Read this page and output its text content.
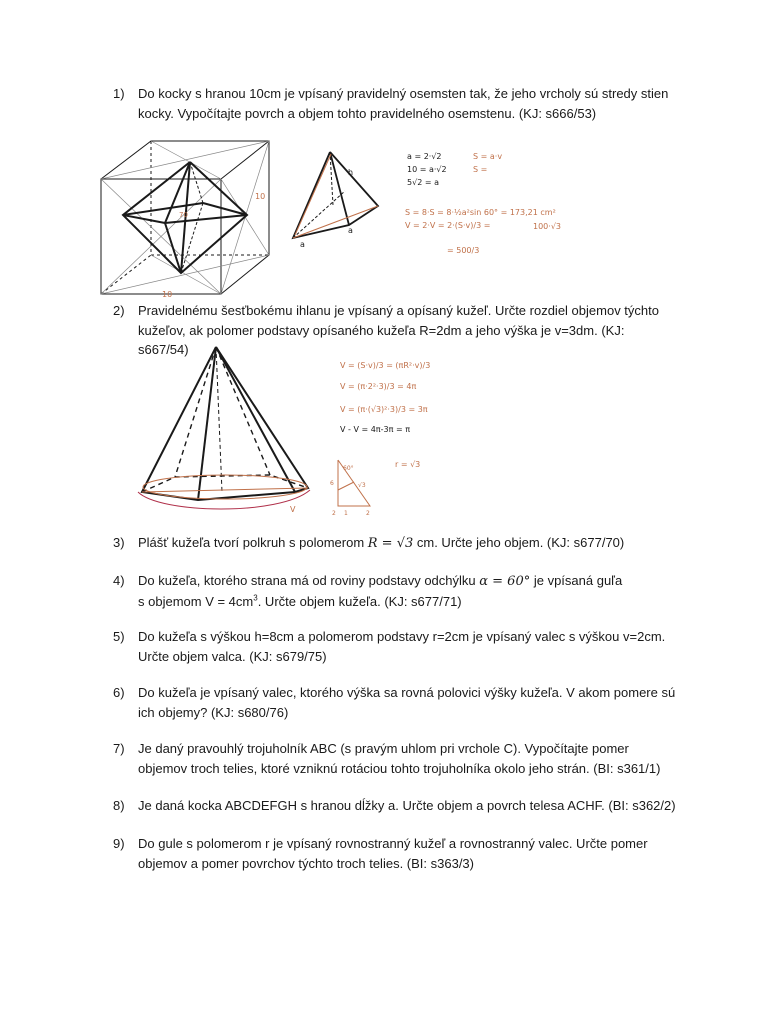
1)	Do kocky s hranou 10cm je vpísaný pravidelný osemsten tak, že jeho vrcholy sú stredy stien
kocky. Vypočítajte povrch a objem tohto pravidelného osemstenu. (KJ: s666/53)
10
10
70
h
a
a
a = 2·√2
10 = a·√2
5√2 = a
S = a·v
S =
S = 8·S = 8·½a²sin 60° = 173,21 cm²
V = 2·V = 2·(S·v)/3 =
= 500/3
100·√3
2)	Pravidelnému šesťbokému ihlanu je vpísaný a opísaný kužeľ. Určte rozdiel objemov týchto
kužeľov, ak polomer podstavy opísaného kužeľa R=2dm a jeho výška je v=3dm. (KJ: s667/54)
V
V = (S·v)/3 = (πR²·v)/3
V = (π·2²·3)/3 = 4π
V = (π·(√3)²·3)/3 = 3π
V - V = 4π-3π = π
60°
6
2 1
√3
2
r = √3
3)	Plášť kužeľa tvorí polkruh s polomerom R = √3 cm. Určte jeho objem. (KJ: s677/70)
4)	Do kužeľa, ktorého strana má od roviny podstavy odchýlku α = 60° je vpísaná guľa
s objemom $V = 4cm^3$. Určte objem kužeľa. (KJ: s677/71)
5)	Do kužeľa s výškou h=8cm a polomerom podstavy r=2cm je vpísaný valec s výškou v=2cm.
Určte objem valca. (KJ: s679/75)
6)	Do kužeľa je vpísaný valec, ktorého výška sa rovná polovici výšky kužeľa. V akom pomere sú
ich objemy? (KJ: s680/76)
7)	Je daný pravouhlý trojuholník ABC (s pravým uhlom pri vrchole C). Vypočítajte pomer
objemov troch telies, ktoré vzniknú rotáciou tohto trojuholníka okolo jeho strán. (BI: s361/1)
8)	Je daná kocka ABCDEFGH s hranou dĺžky a. Určte objem a povrch telesa ACHF. (BI: s362/2)
9)	Do gule s polomerom r je vpísaný rovnostranný kužeľ a rovnostranný valec. Určte pomer
objemov a pomer povrchov týchto troch telies. (BI: s363/3)
